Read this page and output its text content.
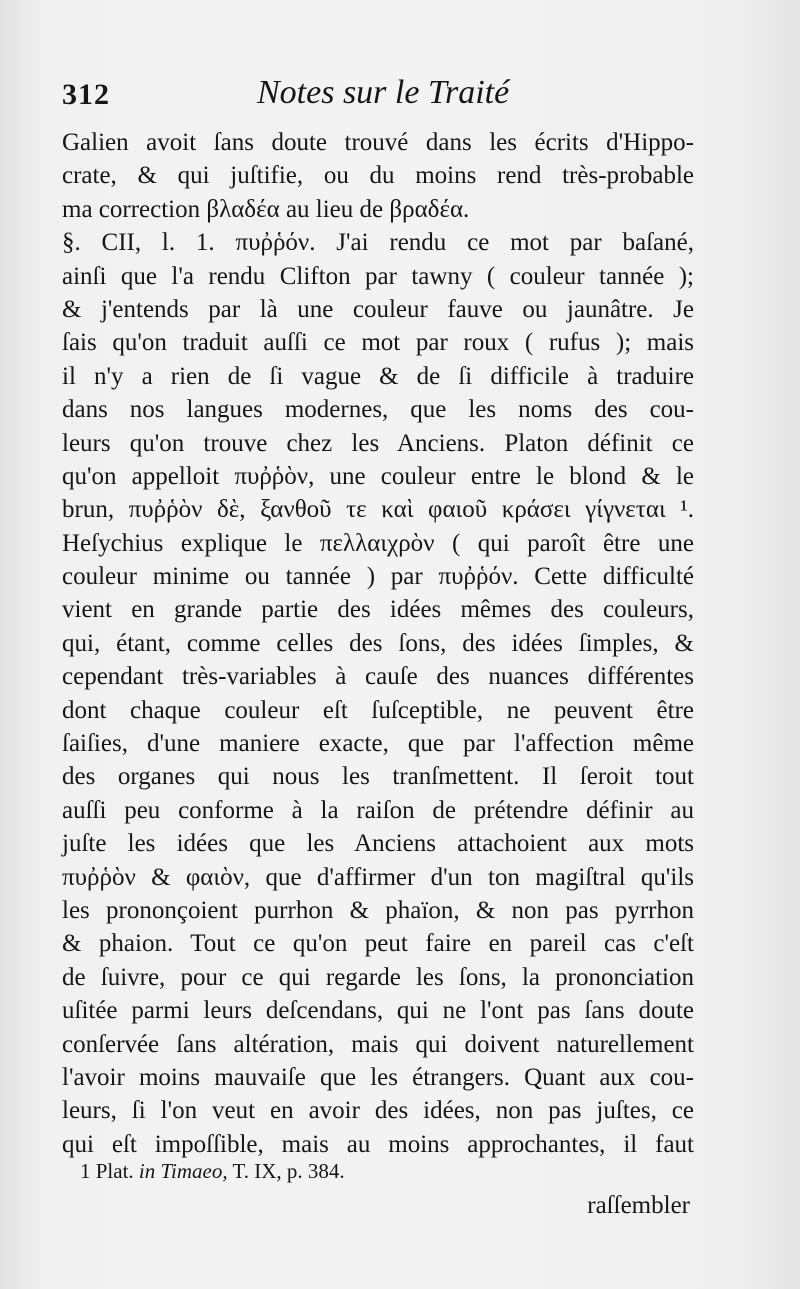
312	Notes sur le Traité
Galien avoit ſans doute trouvé dans les écrits d'Hippo-
crate, & qui juſtifie, ou du moins rend très-probable
ma correction βλαδέα au lieu de βραδέα.
§. CII, l. 1. πυῤῥόν. J'ai rendu ce mot par baſané,
ainſi que l'a rendu Clifton par tawny ( couleur tannée );
& j'entends par là une couleur fauve ou jaunâtre. Je
ſais qu'on traduit auſſi ce mot par roux ( rufus ); mais
il n'y a rien de ſi vague & de ſi difficile à traduire
dans nos langues modernes, que les noms des cou-
leurs qu'on trouve chez les Anciens. Platon définit ce
qu'on appelloit πυῤῥὸν, une couleur entre le blond & le
brun, πυῤῥὸν δὲ, ξανθοῦ τε καὶ φαιοῦ κράσει γίγνεται ¹.
Heſychius explique le πελλαιχρὸν ( qui paroît être une
couleur minime ou tannée ) par πυῤῥόν. Cette difficulté
vient en grande partie des idées mêmes des couleurs,
qui, étant, comme celles des ſons, des idées ſimples, &
cependant très-variables à cauſe des nuances différentes
dont chaque couleur eſt ſuſceptible, ne peuvent être
ſaiſies, d'une maniere exacte, que par l'affection même
des organes qui nous les tranſmettent. Il ſeroit tout
auſſi peu conforme à la raiſon de prétendre définir au
juſte les idées que les Anciens attachoient aux mots
πυῤῥὸν & φαιὸν, que d'affirmer d'un ton magiſtral qu'ils
les prononçoient purrhon & phaïon, & non pas pyrrhon
& phaion. Tout ce qu'on peut faire en pareil cas c'eſt
de ſuivre, pour ce qui regarde les ſons, la prononciation
uſitée parmi leurs deſcendans, qui ne l'ont pas ſans doute
conſervée ſans altération, mais qui doivent naturellement
l'avoir moins mauvaiſe que les étrangers. Quant aux cou-
leurs, ſi l'on veut en avoir des idées, non pas juſtes, ce
qui eſt impoſſible, mais au moins approchantes, il faut
1 Plat. in Timaeo, T. IX, p. 384.
raſſembler
